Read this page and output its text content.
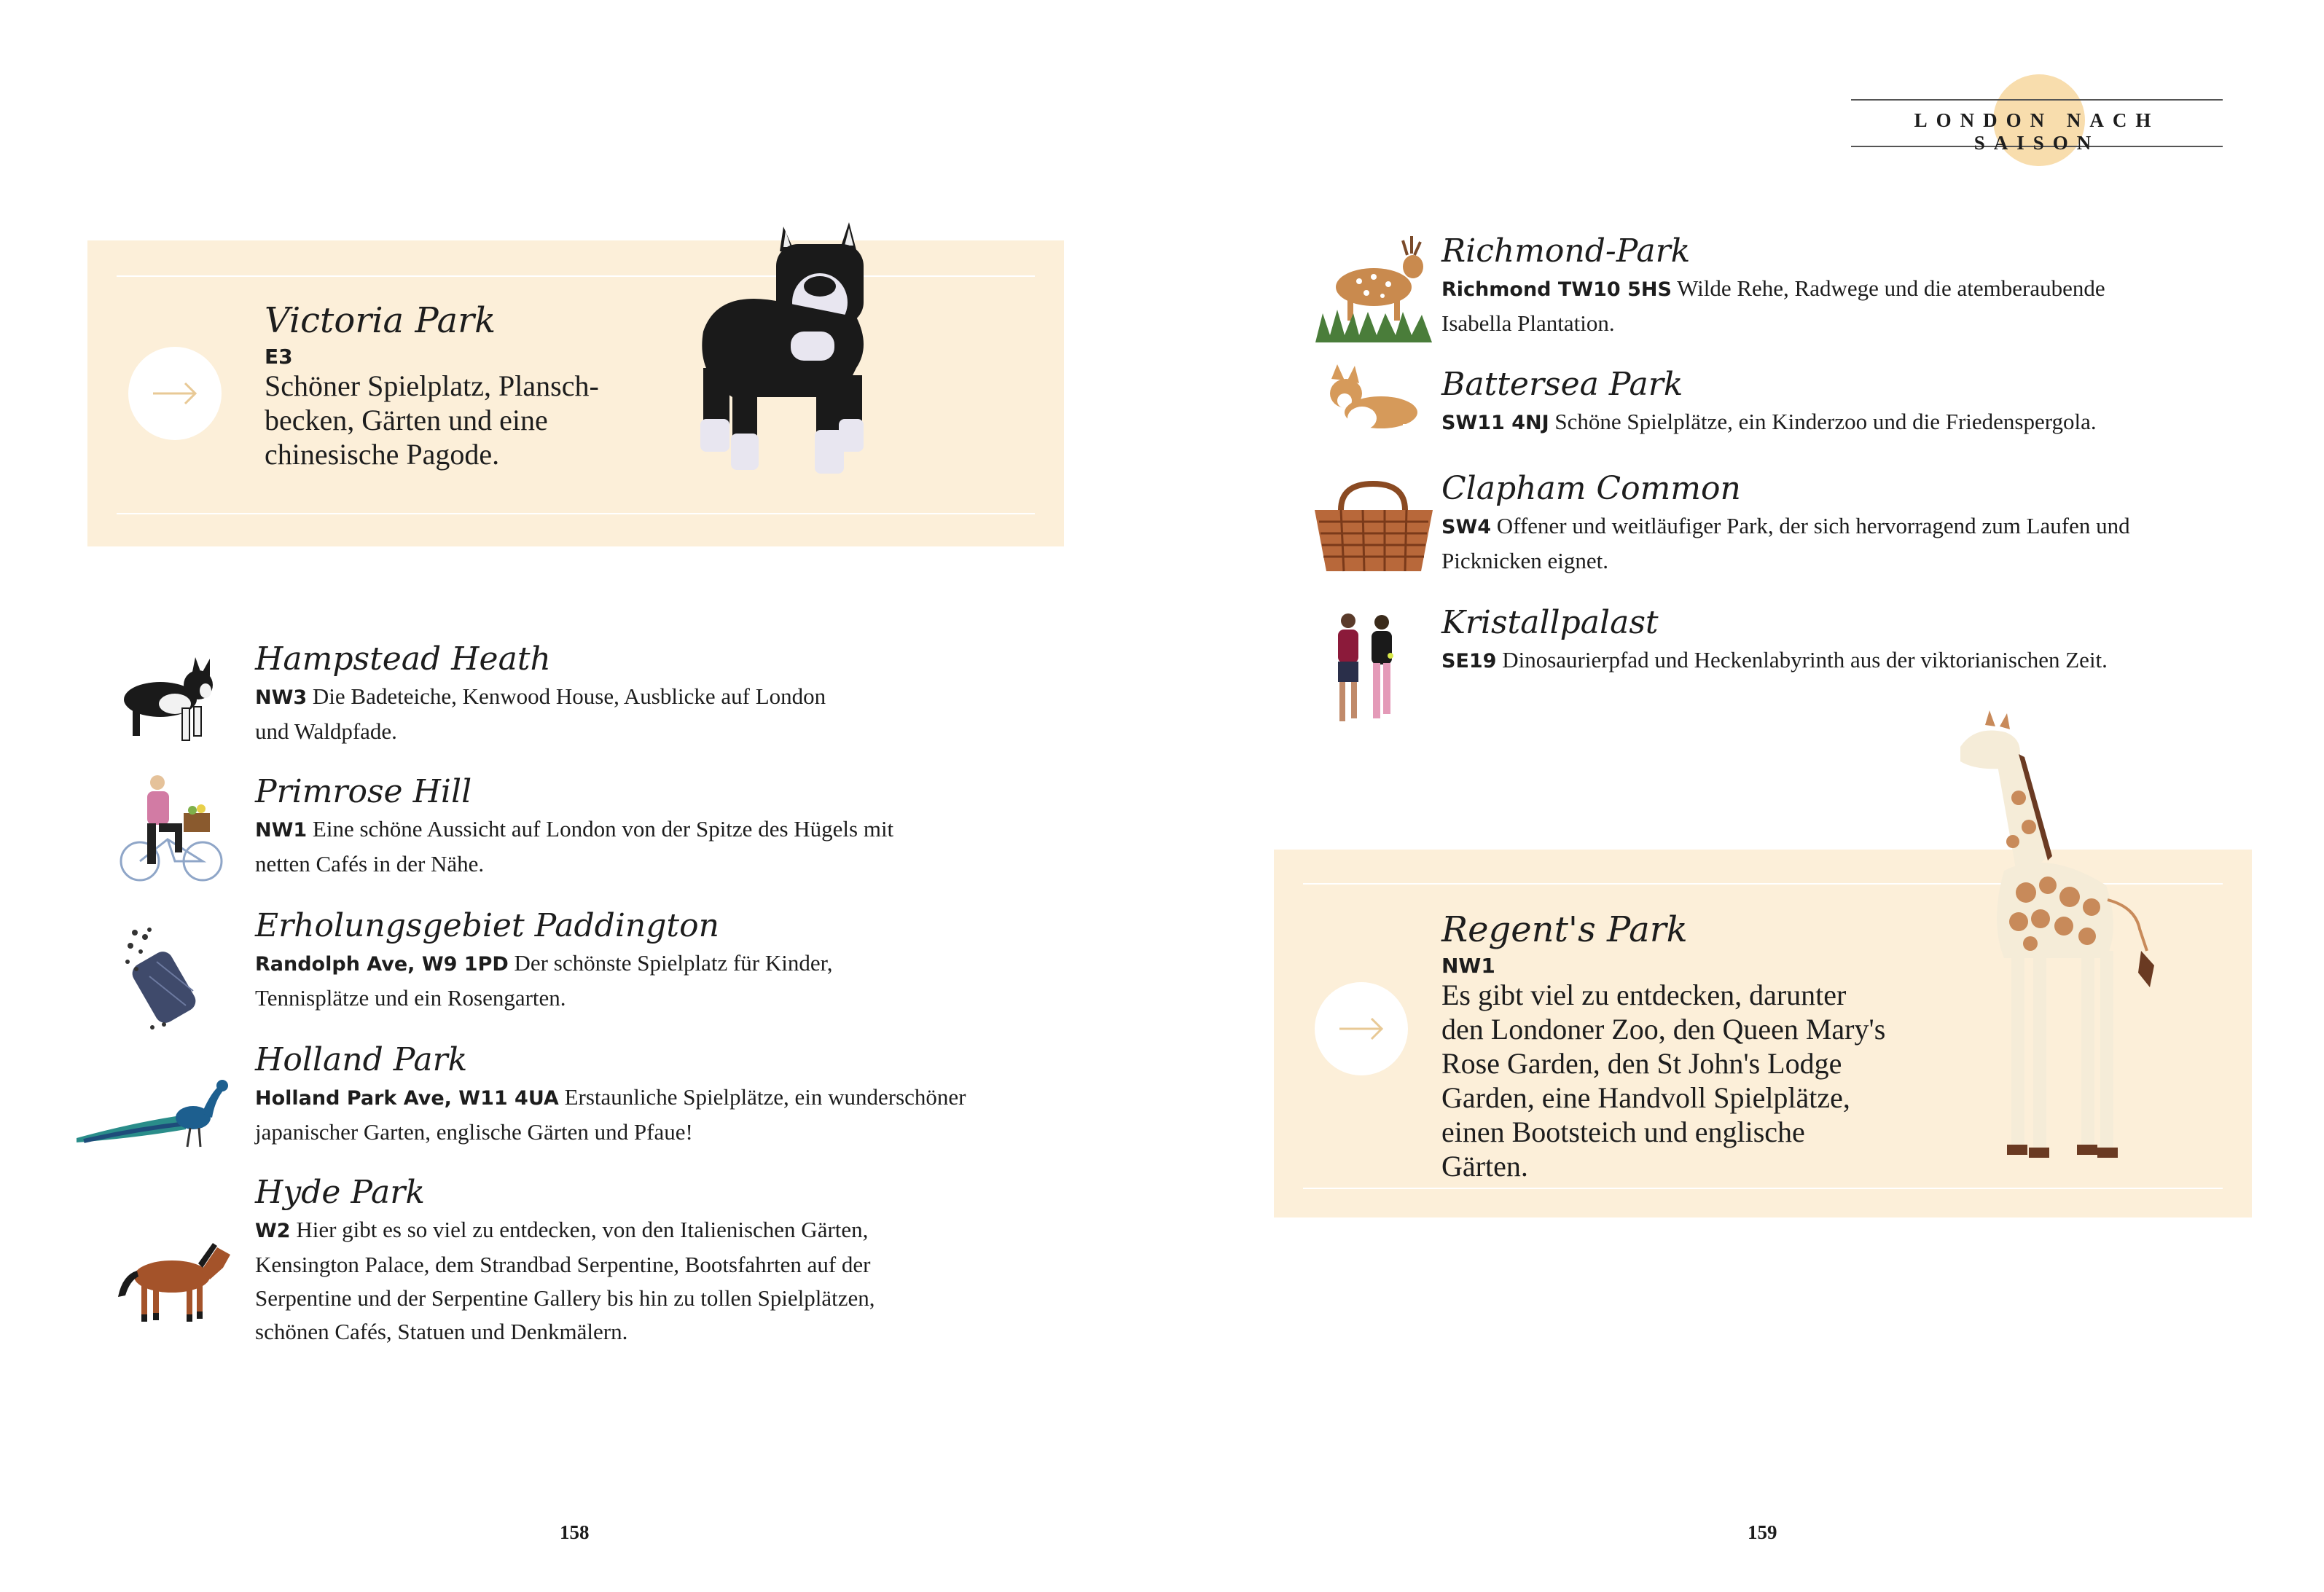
LONDON NACH SAISON
Victoria Park
E3
Schöner Spielplatz, Plansch-
becken, Gärten und eine
chinesische Pagode.
Hampstead Heath
NW3 Die Badeteiche, Kenwood House, Ausblicke auf London
und Waldpfade.
Primrose Hill
NW1 Eine schöne Aussicht auf London von der Spitze des Hügels mit
netten Cafés in der Nähe.
Erholungsgebiet Paddington
Randolph Ave, W9 1PD Der schönste Spielplatz für Kinder,
Tennisplätze und ein Rosengarten.
Holland Park
Holland Park Ave, W11 4UA Erstaunliche Spielplätze, ein wunderschöner
japanischer Garten, englische Gärten und Pfaue!
Hyde Park
W2 Hier gibt es so viel zu entdecken, von den Italienischen Gärten,
Kensington Palace, dem Strandbad Serpentine, Bootsfahrten auf der
Serpentine und der Serpentine Gallery bis hin zu tollen Spielplätzen,
schönen Cafés, Statuen und Denkmälern.
Richmond-Park
Richmond TW10 5HS Wilde Rehe, Radwege und die atemberaubende
Isabella Plantation.
Battersea Park
SW11 4NJ Schöne Spielplätze, ein Kinderzoo und die Friedenspergola.
Clapham Common
SW4 Offener und weitläufiger Park, der sich hervorragend zum Laufen und
Picknicken eignet.
Kristallpalast
SE19 Dinosaurierpfad und Heckenlabyrinth aus der viktorianischen Zeit.
Regent's Park
NW1
Es gibt viel zu entdecken, darunter
den Londoner Zoo, den Queen Mary's
Rose Garden, den St John's Lodge
Garden, eine Handvoll Spielplätze,
einen Bootsteich und englische
Gärten.
158	159
